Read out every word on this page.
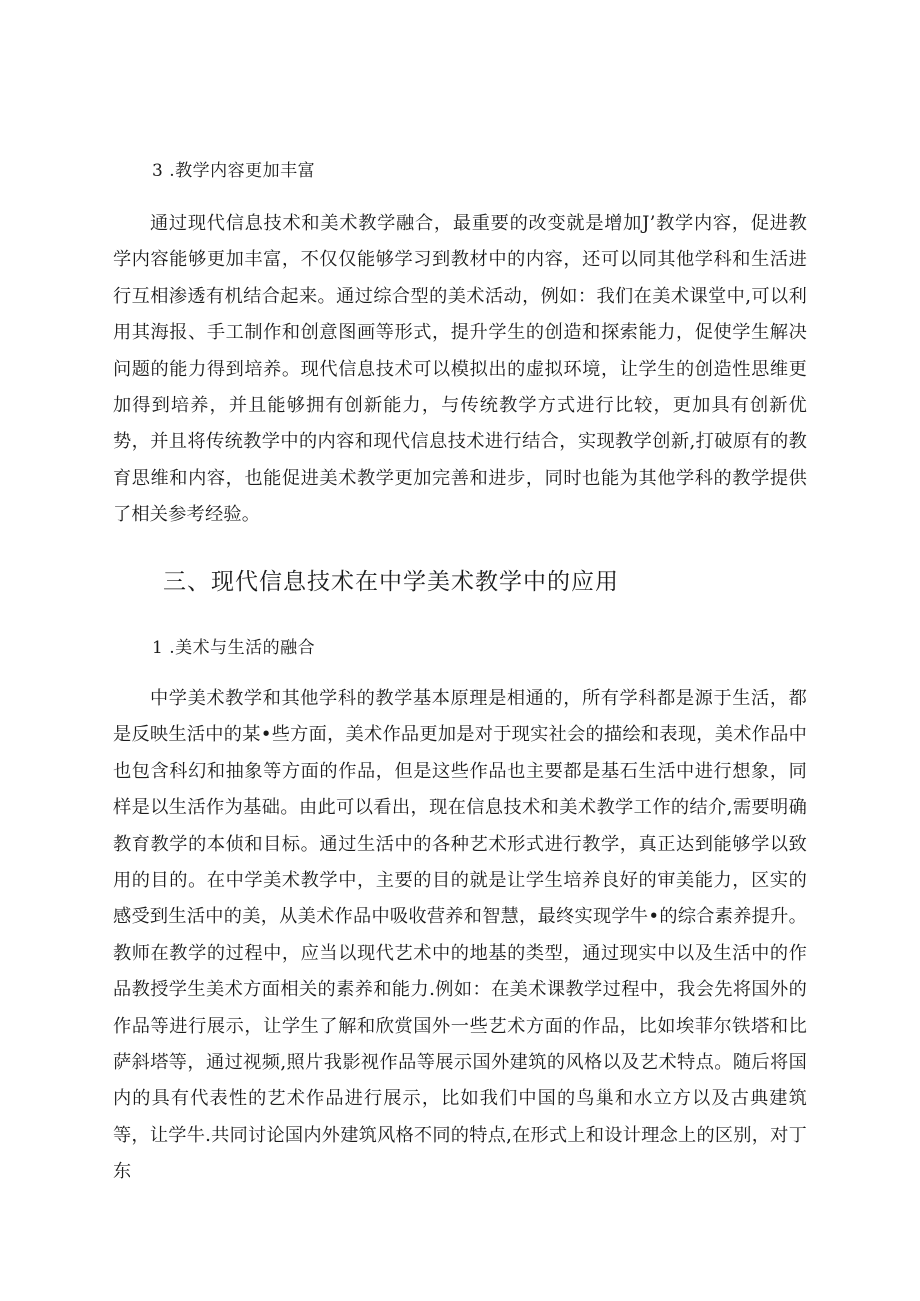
3 .教学内容更加丰富

通过现代信息技术和美术教学融合，最重要的改变就是增加J’教学内容，促进教学内容能够更加丰富，不仅仅能够学习到教材中的内容，还可以同其他学科和生活进行互相渗透有机结合起来。通过综合型的美术活动，例如：我们在美术课堂中,可以利用其海报、手工制作和创意图画等形式，提升学生的创造和探索能力，促使学生解决问题的能力得到培养。现代信息技术可以模拟出的虚拟环境，让学生的创造性思维更加得到培养，并且能够拥有创新能力，与传统教学方式进行比较，更加具有创新优势，并且将传统教学中的内容和现代信息技术进行结合，实现教学创新,打破原有的教育思维和内容，也能促进美术教学更加完善和进步，同时也能为其他学科的教学提供了相关参考经验。

三、现代信息技术在中学美术教学中的应用
1 .美术与生活的融合

中学美术教学和其他学科的教学基本原理是相通的，所有学科都是源于生活，都是反映生活中的某•些方面，美术作品更加是对于现实社会的描绘和表现，美术作品中也包含科幻和抽象等方面的作品，但是这些作品也主要都是基石生活中进行想象，同样是以生活作为基础。由此可以看出，现在信息技术和美术教学工作的结介,需要明确教育教学的本侦和目标。通过生活中的各种艺术形式进行教学，真正达到能够学以致用的目的。在中学美术教学中，主要的目的就是让学生培养良好的审美能力，区实的感受到生活中的美，从美术作品中吸收营养和智慧，最终实现学牛•的综合素养提升。教师在教学的过程中，应当以现代艺术中的地基的类型，通过现实中以及生活中的作品教授学生美术方面相关的素养和能力.例如：在美术课教学过程中，我会先将国外的作品等进行展示，让学生了解和欣赏国外一些艺术方面的作品，比如埃菲尔铁塔和比萨斜塔等，通过视频,照片我影视作品等展示国外建筑的风格以及艺术特点。随后将国内的具有代表性的艺术作品进行展示，比如我们中国的鸟巢和水立方以及古典建筑等，让学牛.共同讨论国内外建筑风格不同的特点,在形式上和设计理念上的区别，对丁东
